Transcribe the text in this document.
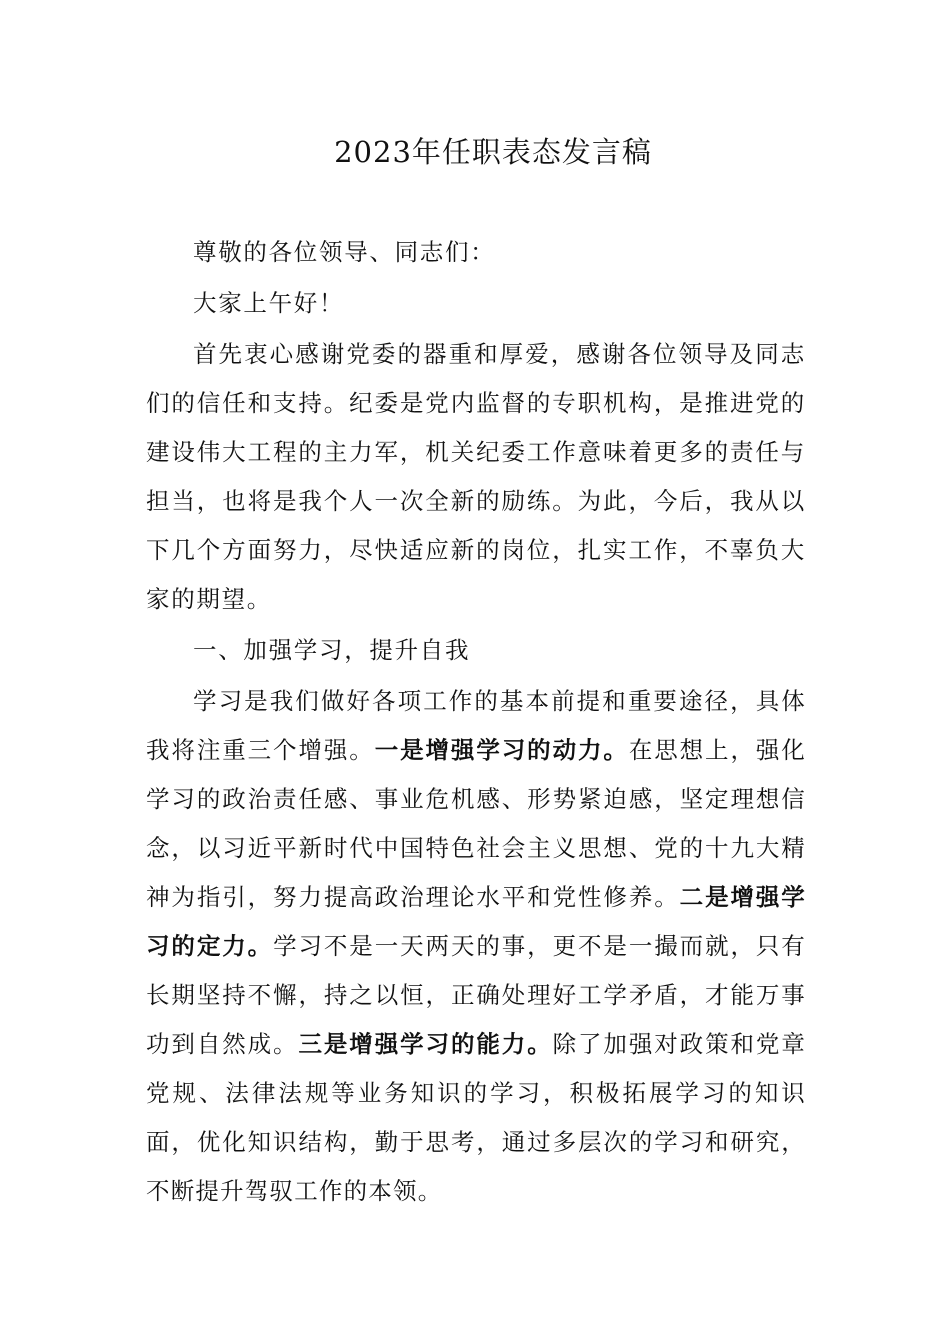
2023年任职表态发言稿

尊敬的各位领导、同志们：

大家上午好！

首先衷心感谢党委的器重和厚爱，感谢各位领导及同志们的信任和支持。纪委是党内监督的专职机构，是推进党的建设伟大工程的主力军，机关纪委工作意味着更多的责任与担当，也将是我个人一次全新的励练。为此，今后，我从以下几个方面努力，尽快适应新的岗位，扎实工作，不辜负大家的期望。

一、加强学习，提升自我

学习是我们做好各项工作的基本前提和重要途径，具体我将注重三个增强。一是增强学习的动力。在思想上，强化学习的政治责任感、事业危机感、形势紧迫感，坚定理想信念，以习近平新时代中国特色社会主义思想、党的十九大精神为指引，努力提高政治理论水平和党性修养。二是增强学习的定力。学习不是一天两天的事，更不是一撮而就，只有长期坚持不懈，持之以恒，正确处理好工学矛盾，才能万事功到自然成。三是增强学习的能力。除了加强对政策和党章党规、法律法规等业务知识的学习，积极拓展学习的知识面，优化知识结构，勤于思考，通过多层次的学习和研究，不断提升驾驭工作的本领。
